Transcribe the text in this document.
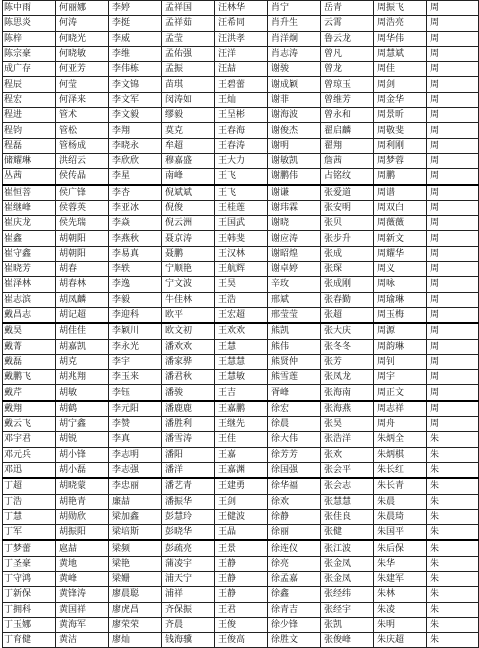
陈中雨	何丽娜	李婷	孟祥国	汪林华	肖宁	岳青	周振飞	周
陈思炎	何涛	李挺	孟祥茹	汪希同	肖升生	云霄	周浩亮	周
陈梓	何晓光	李威	孟莹	汪洪孝	肖洋炯	鲁云龙	周华伟	周
陈宗豪	何晓敏	李维	孟佑强	汪洋	肖志涛	曾凡	周慧斌	周
成广存	何亚芳	李伟栋	孟振	汪喆	谢骏	曾龙	周佳	周
程辰	何莹	李文锦	苗琪	王碧蕾	谢成颖	曾琼玉	周剑	周
程宏	何泽来	李文军	闵涛如	王灿	谢菲	曾维芳	周金华	周
程进	管术	李文毅	缪毅	王呈彬	谢海波	曾永和	周景昕	周
程钧	管松	李翔	莫克	王春海	谢俊杰	翟启麟	周敬斐	周
程磊	管杨成	李晓永	牟超	王春涛	谢明	翟翔	周利刚	周
储耀琳	洪绍云	李欣欣	穆嘉盛	王大力	谢敏凯	詹茜	周梦蓉	周
丛茜	侯传晶	李星	南峰	王飞	谢鹏伟	占铭纹	周鹏	周
崔恒菩	侯广锋	李杏	倪斌斌	王飞	谢谦	张爱道	周谱	周
崔继峰	侯蓉英	李亚冰	倪俊	王桂莲	谢玮霖	张安明	周双白	周
崔庆龙	侯先瑞	李焱	倪云洲	王国武	谢晓	张贝	周薇薇	周
崔鑫	胡朝阳	李燕秋	聂京涛	王韩斐	谢应涛	张步升	周新文	周
崔守鑫	胡朝阳	李易真	聂鹏	王汉林	谢昭煌	张成	周耀华	周
崔晓芳	胡春	李轶	宁顺艳	王航辉	谢卓婷	张琛	周义	周
崔泽林	胡春林	李逸	宁文波	王昊	辛玫	张成刚	周咏	周
崔志滨	胡凤麟	李毅	牛佳林	王浩	邢斌	张春勤	周瑜琳	周
戴昌志	胡记超	李迎科	欧平	王宏超	邢莹莹	张超	周玉梅	周
戴昊	胡佳佳	李颖川	欧文初	王欢欢	熊凯	张大庆	周源	周
戴菁	胡嘉凯	李永光	潘欢欢	王慧	熊伟	张冬冬	周韵琳	周
戴磊	胡克	李宇	潘家骅	王慧慧	熊贤仲	张芳	周钊	周
戴鹏飞	胡兆翔	李玉来	潘君秋	王慧敏	熊雪莲	张凤龙	周宇	周
戴芹	胡敏	李钰	潘骏	王吉	胥峰	张海南	周正文	周
戴翔	胡鹤	李元阳	潘鹿鹿	王嘉鹏	徐宏	张海燕	周志祥	周
戴云飞	胡宁鑫	李赞	潘胜利	王继先	徐晨	张昊	周舟	周
邓宇君	胡锐	李真	潘雪涛	王佳	徐大伟	张浩洋	朱炳全	朱
邓元兵	胡小锋	李志明	潘阳	王嘉	徐芳芳	张欢	朱炳棋	朱
邓迅	胡小磊	李志强	潘洋	王嘉渊	徐国强	张会平	朱长红	朱
丁超	胡晓蒙	李忠丽	潘艺青	王建勇	徐华福	张会志	朱长青	朱
丁浩	胡艳青	廉喆	潘振华	王剑	徐欢	张慧慧	朱晨	朱
丁慧	胡勋欣	梁加鑫	彭慧玲	王健波	徐静	张佳良	朱晨琦	朱
丁军	胡振阳	梁培斯	彭晓华	王晶	徐丽	张健	朱国平	朱
丁梦蕾	扈喆	梁频	彭疏亮	王景	徐连仪	张江波	朱后保	朱
丁圣豪	黄地	梁艳	蒲凌宇	王静	徐亮	张金凤	朱华	朱
丁守鸿	黄峰	梁姗	浦天宁	王静	徐孟嘉	张金凤	朱建军	朱
丁新保	黄锋涛	廖晨聪	浦祥	王静	徐鑫	张经纬	朱林	朱
丁拥科	黄国祥	廖虎昌	齐保振	王君	徐青吉	张经宇	朱凌	朱
丁玉娜	黄海军	廖荣荣	齐晨	王俊	徐少锋	张凯	朱明	朱
丁育健	黄洁	廖灿	钱海骥	王俊高	徐胜文	张俊峰	朱庆超	朱
